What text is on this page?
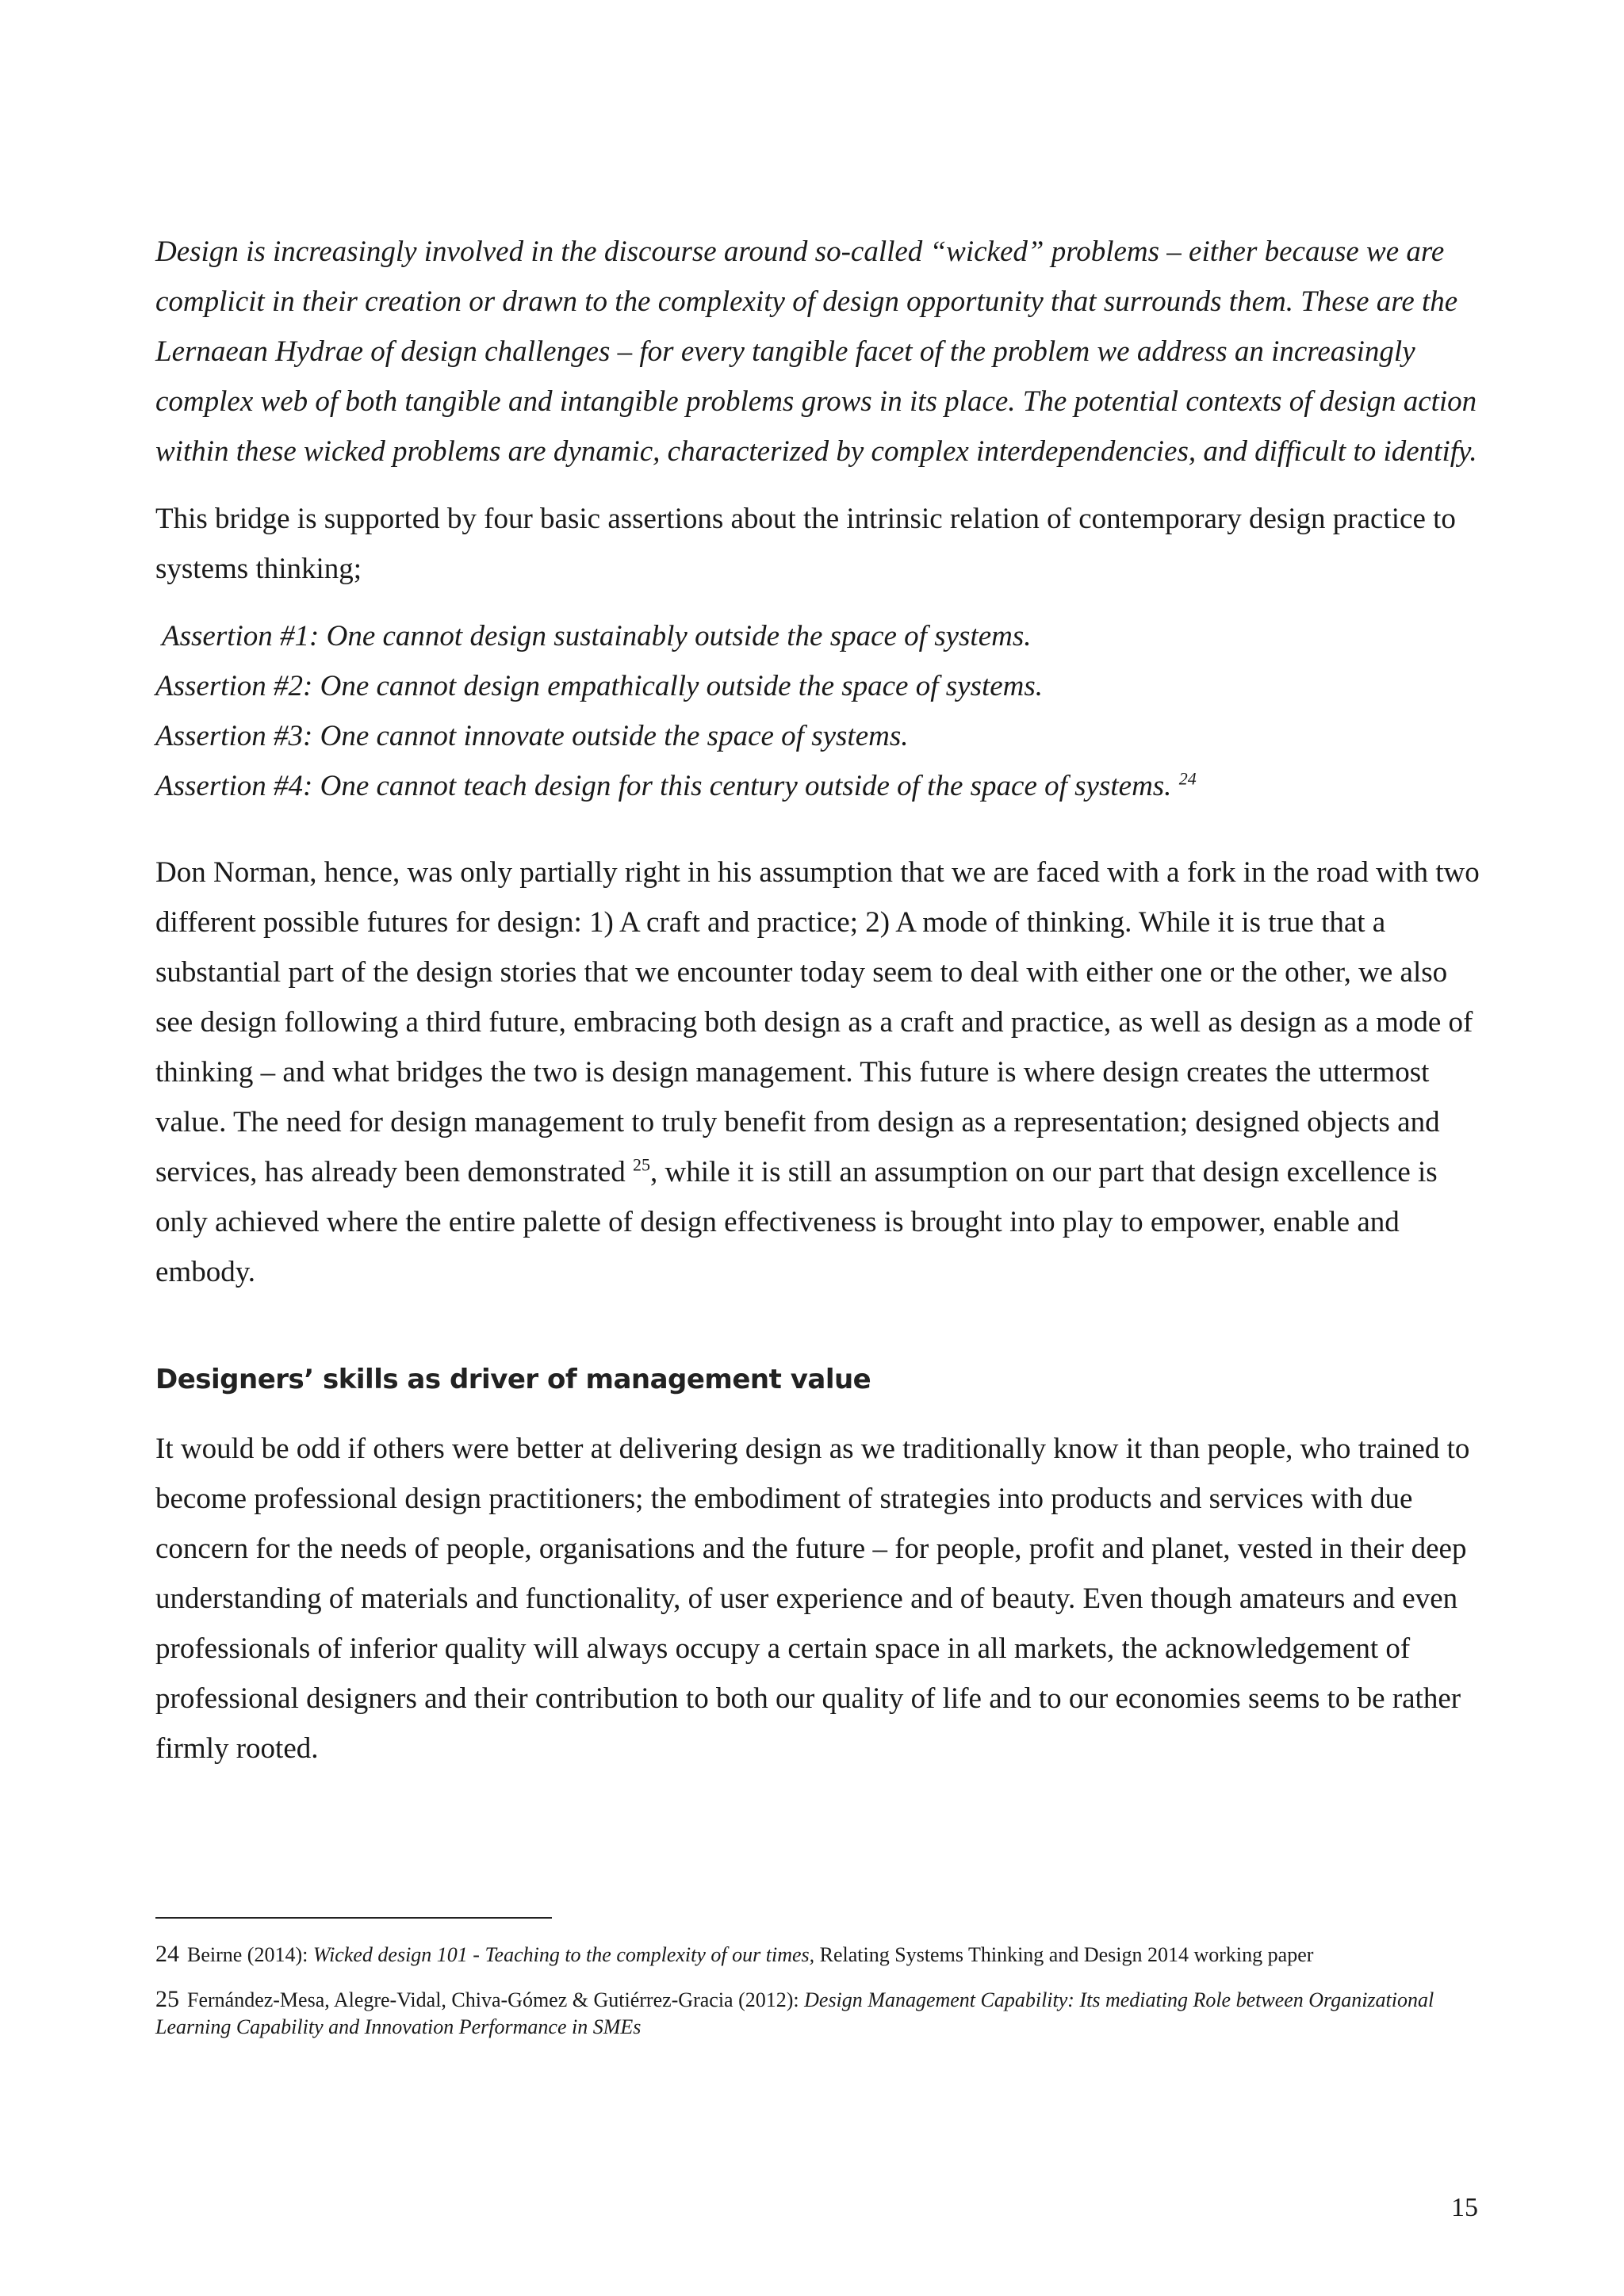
Design is increasingly involved in the discourse around so-called “wicked” problems – either because we are complicit in their creation or drawn to the complexity of design opportunity that surrounds them. These are the Lernaean Hydrae of design challenges – for every tangible facet of the problem we address an increasingly complex web of both tangible and intangible problems grows in its place. The potential contexts of design action within these wicked problems are dynamic, characterized by complex interdependencies, and difficult to identify.

This bridge is supported by four basic assertions about the intrinsic relation of contemporary design practice to systems thinking;

Assertion #1: One cannot design sustainably outside the space of systems.
Assertion #2: One cannot design empathically outside the space of systems.
Assertion #3: One cannot innovate outside the space of systems.
Assertion #4: One cannot teach design for this century outside of the space of systems. $^{24}$

Don Norman, hence, was only partially right in his assumption that we are faced with a fork in the road with two different possible futures for design: 1) A craft and practice; 2) A mode of thinking. While it is true that a substantial part of the design stories that we encounter today seem to deal with either one or the other, we also see design following a third future, embracing both design as a craft and practice, as well as design as a mode of thinking – and what bridges the two is design management. This future is where design creates the uttermost value. The need for design management to truly benefit from design as a representation; designed objects and services, has already been demonstrated $^{25}$, while it is still an assumption on our part that design excellence is only achieved where the entire palette of design effectiveness is brought into play to empower, enable and embody.

Designers’ skills as driver of management value

It would be odd if others were better at delivering design as we traditionally know it than people, who trained to become professional design practitioners; the embodiment of strategies into products and services with due concern for the needs of people, organisations and the future – for people, profit and planet, vested in their deep understanding of materials and functionality, of user experience and of beauty. Even though amateurs and even professionals of inferior quality will always occupy a certain space in all markets, the acknowledgement of professional designers and their contribution to both our quality of life and to our economies seems to be rather firmly rooted.

24 Beirne (2014): Wicked design 101 - Teaching to the complexity of our times, Relating Systems Thinking and Design 2014 working paper
25 Fernández-Mesa, Alegre-Vidal, Chiva-Gómez & Gutiérrez-Gracia (2012): Design Management Capability: Its mediating Role between Organizational Learning Capability and Innovation Performance in SMEs
15
